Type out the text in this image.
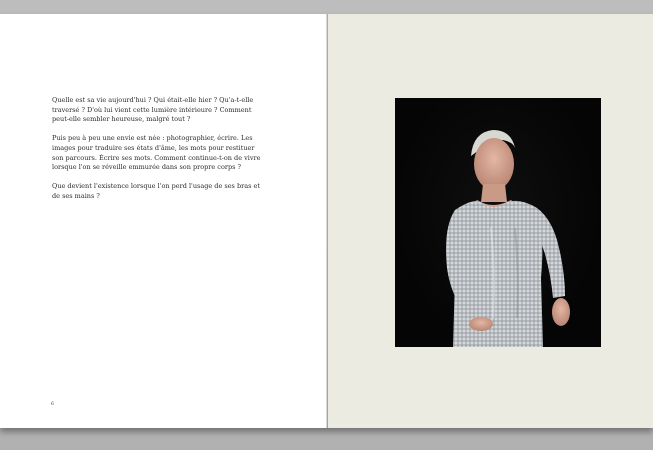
Quelle est sa vie aujourd'hui ? Qui était-elle hier ? Qu'a-t-elle traversé ? D'où lui vient cette lumière intérieure ? Comment peut-elle sembler heureuse, malgré tout ?

Puis peu à peu une envie est née : photographier, écrire. Les images pour traduire ses états d'âme, les mots pour restituer son parcours. Écrire ses mots. Comment continue-t-on de vivre lorsque l'on se réveille emmurée dans son propre corps ?

Que devient l'existence lorsque l'on perd l'usage de ses bras et de ses mains ?

6
